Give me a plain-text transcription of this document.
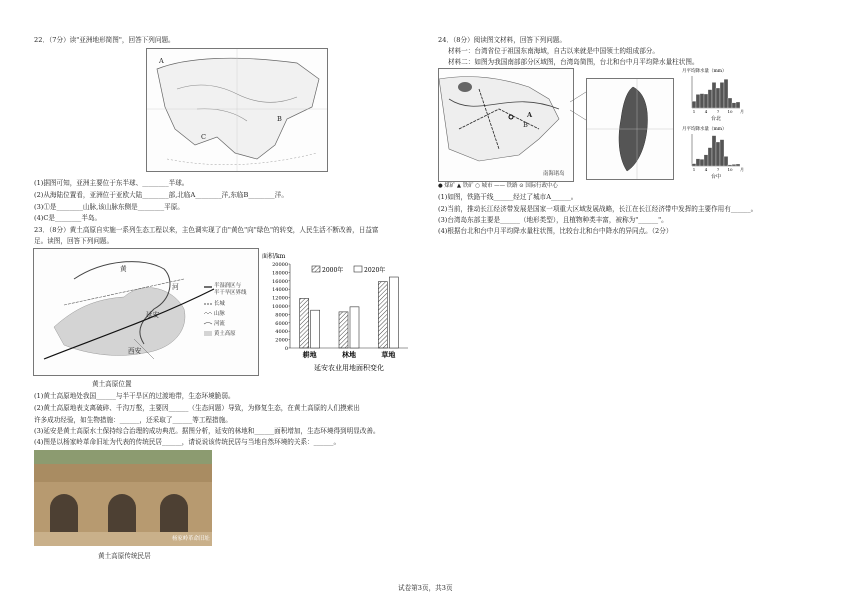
22．（7分）读"亚洲地形简图"，回答下列问题。
A
B
C
(1)据图可知，亚洲主要位于东半球、________半球。
(2)从海陆位置看，亚洲位于亚欧大陆________部,北临A________洋,东临B________洋。
(3)①是________山脉,该山脉东侧是________平原。
(4)C是________半岛。
23．（8分）黄土高原自实施一系列生态工程以来，主色调实现了由"黄色"向"绿色"的转变，人民生活不断改善，日益富
足。读图，回答下列问题。
黄
河
延安
西安
半湿润区与
半干旱区界线
长城
山脉
河流
黄土高原
黄土高原位置
面积/km
0
2000
4000
6000
8000
10000
12000
14000
16000
18000
20000
耕地	林地	草地
2000年	2020年
延安农业用地面积变化
(1)黄土高原地处我国______与半干旱区的过渡地带，生态环境脆弱。
(2)黄土高原地表支离破碎、千沟万壑，主要因______（生态问题）导致，为修复生态，在黄土高原的人们摸索出
许多成功经验，如生物措施：______，还采取了______等工程措施。
(3)延安是黄土高原水土保持综合治理的成功典范。据图分析，延安的林地和______面积增加，生态环境得到明显改善。
(4)图是以杨家岭革命旧址为代表的传统民居______，请说说该传统民居与当地自然环境的关系：______。
杨家岭革命旧址
黄土高原传统民居
24．（8分）阅读图文材料，回答下列问题。
材料一：台湾省位于祖国东南海域，自古以来就是中国领土的组成部分。
材料二：如图为我国南部部分区域图，台湾岛简图，台北和台中月平均降水量柱状图。
A
B
南海诸岛
● 煤矿 ▲ 铁矿 ○ 城市 —— 铁路 ⊙ 国际行政中心
月平均降水量（mm）
1 4 7 10 月
台北
月平均降水量（mm）
1 4 7 10 月
台中
(1)如图，铁路干线______经过了城市A______。
(2)当前，推动长江经济带发展是国家一项重大区域发展战略，长江在长江经济带中发挥的主要作用有______。
(3)台湾岛东部主要是______（地形类型），且植物种类丰富，被称为"______"。
(4)根据台北和台中月平均降水量柱状图，比较台北和台中降水的异同点。（2分）
试卷第3页，共3页
